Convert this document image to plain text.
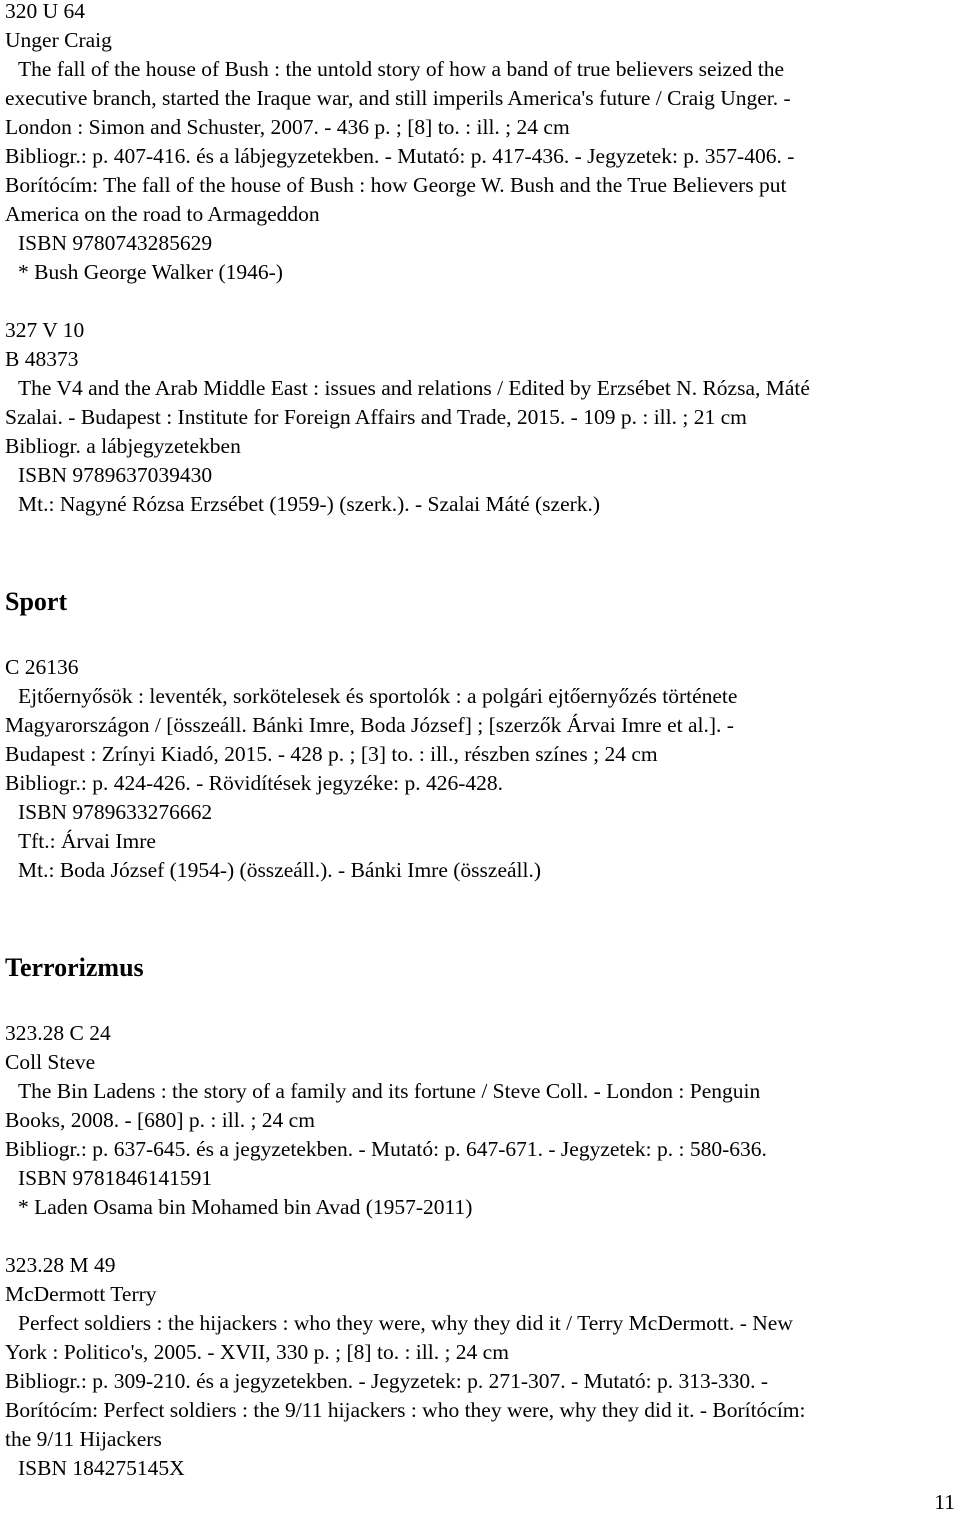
320 U 64
Unger Craig
The fall of the house of Bush : the untold story of how a band of true believers seized the
executive branch, started the Iraque war, and still imperils America's future / Craig Unger. -
London : Simon and Schuster, 2007. - 436 p. ; [8] to. : ill. ; 24 cm
Bibliogr.: p. 407-416. és a lábjegyzetekben. - Mutató: p. 417-436. - Jegyzetek: p. 357-406. -
Borítócím: The fall of the house of Bush : how George W. Bush and the True Believers put
America on the road to Armageddon
ISBN 9780743285629
* Bush George Walker (1946-)
327 V 10
B 48373
The V4 and the Arab Middle East : issues and relations / Edited by Erzsébet N. Rózsa, Máté
Szalai. - Budapest : Institute for Foreign Affairs and Trade, 2015. - 109 p. : ill. ; 21 cm
Bibliogr. a lábjegyzetekben
ISBN 9789637039430
Mt.: Nagyné Rózsa Erzsébet (1959-) (szerk.). - Szalai Máté (szerk.)
Sport
C 26136
Ejtőernyősök : leventék, sorkötelesek és sportolók : a polgári ejtőernyőzés története
Magyarországon / [összeáll. Bánki Imre, Boda József] ; [szerzők Árvai Imre et al.]. -
Budapest : Zrínyi Kiadó, 2015. - 428 p. ; [3] to. : ill., részben színes ; 24 cm
Bibliogr.: p. 424-426. - Rövidítések jegyzéke: p. 426-428.
ISBN 9789633276662
Tft.: Árvai Imre
Mt.: Boda József (1954-) (összeáll.). - Bánki Imre (összeáll.)
Terrorizmus
323.28 C 24
Coll Steve
The Bin Ladens : the story of a family and its fortune / Steve Coll. - London : Penguin
Books, 2008. - [680] p. : ill. ; 24 cm
Bibliogr.: p. 637-645. és a jegyzetekben. - Mutató: p. 647-671. - Jegyzetek: p. : 580-636.
ISBN 9781846141591
* Laden Osama bin Mohamed bin Avad (1957-2011)
323.28 M 49
McDermott Terry
Perfect soldiers : the hijackers : who they were, why they did it / Terry McDermott. - New
York : Politico's, 2005. - XVII, 330 p. ; [8] to. : ill. ; 24 cm
Bibliogr.: p. 309-210. és a jegyzetekben. - Jegyzetek: p. 271-307. - Mutató: p. 313-330. -
Borítócím: Perfect soldiers : the 9/11 hijackers : who they were, why they did it. - Borítócím:
the 9/11 Hijackers
ISBN 184275145X
11
